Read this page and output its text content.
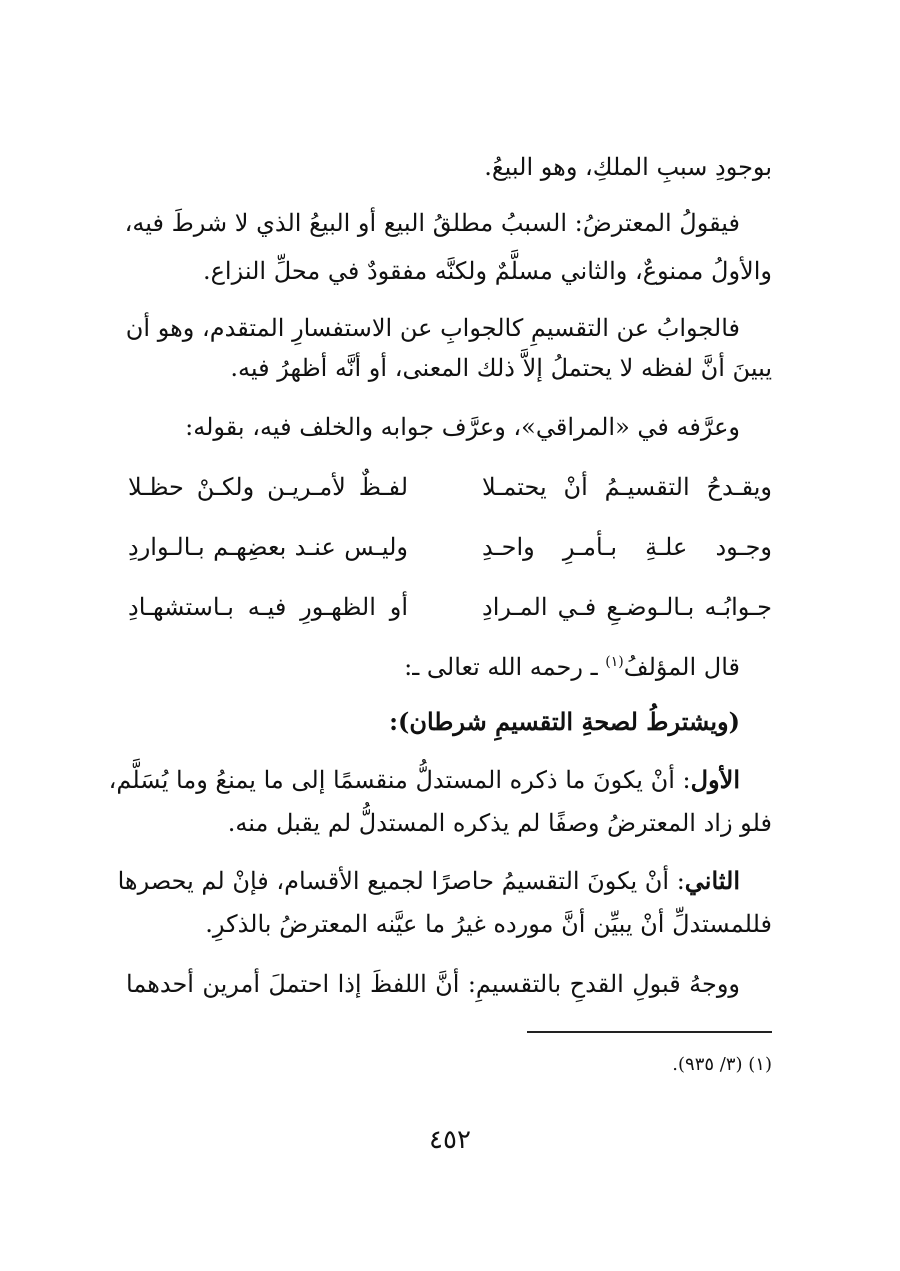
بوجودِ سببِ الملكِ، وهو البيعُ.
فيقولُ المعترضُ: السببُ مطلقُ البيع أو البيعُ الذي لا شرطَ فيه،
والأولُ ممنوعٌ، والثاني مسلَّمٌ ولكنَّه مفقودٌ في محلِّ النزاع.
فالجوابُ عن التقسيمِ كالجوابِ عن الاستفسارِ المتقدم، وهو أن
يبينَ أنَّ لفظه لا يحتملُ إلاَّ ذلك المعنى، أو أنَّه أظهرُ فيه.
وعرَّفه في «المراقي»، وعرَّف جوابه والخلف فيه، بقوله:
ويقـدحُ التقسيـمُ أنْ يحتمـلا
لفـظٌ لأمـريـن ولكـنْ حظـلا
وجـود علـةِ بـأمـرِ واحـدِ
وليـس عنـد بعضِهـم بـالـواردِ
جـوابُـه بـالـوضـعِ فـي المـرادِ
أو الظهـورِ فيـه بـاستشهـادِ
قال المؤلفُ$^{(١)}$ ـ رحمه الله تعالى ـ:
(ويشترطُ لصحةِ التقسيمِ شرطان):
الأول: أنْ يكونَ ما ذكره المستدلُّ منقسمًا إلى ما يمنعُ وما يُسَلَّم،
فلو زاد المعترضُ وصفًا لم يذكره المستدلُّ لم يقبل منه.
الثاني: أنْ يكونَ التقسيمُ حاصرًا لجميع الأقسام، فإنْ لم يحصرها
فللمستدلِّ أنْ يبيِّن أنَّ مورده غيرُ ما عيَّنه المعترضُ بالذكرِ.
ووجهُ قبولِ القدحِ بالتقسيمِ: أنَّ اللفظَ إذا احتملَ أمرين أحدهما
(١) (٣/ ٩٣٥).
٤٥٢
